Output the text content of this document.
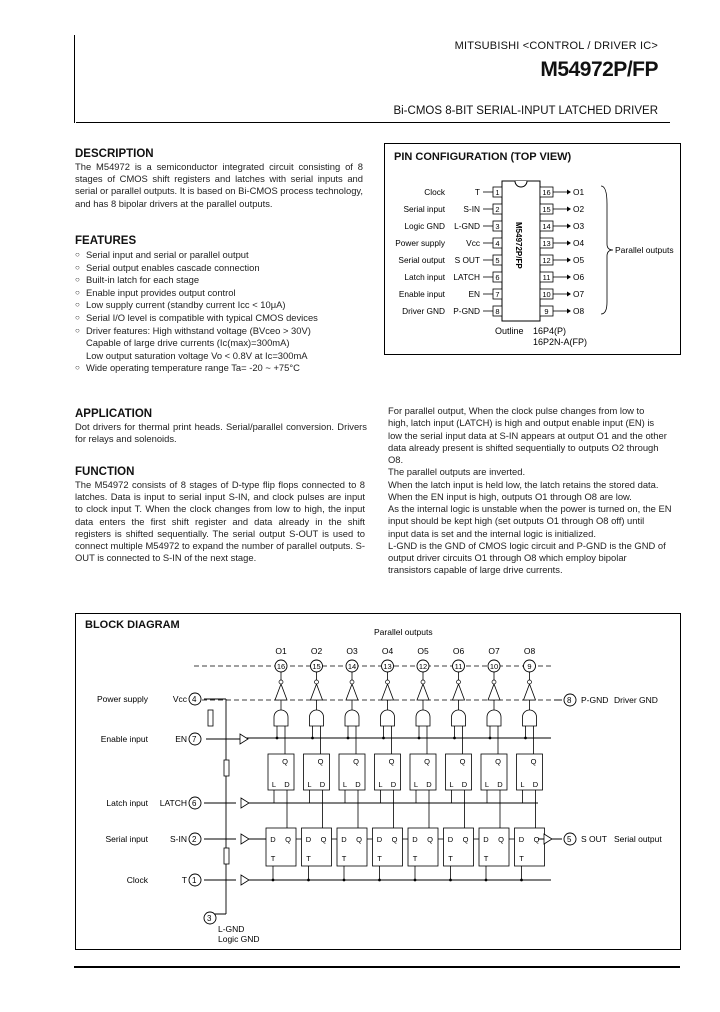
MITSUBISHI <CONTROL / DRIVER IC>
M54972P/FP
Bi-CMOS 8-BIT SERIAL-INPUT LATCHED DRIVER
DESCRIPTION

The M54972 is a semiconductor integrated circuit consisting of 8 stages of CMOS shift registers and latches with serial inputs and serial or parallel outputs. It is based on Bi-CMOS process technology, and has 8 bipolar drivers at the parallel outputs.

FEATURES
○ Serial input and serial or parallel output
○ Serial output enables cascade connection
○ Built-in latch for each stage
○ Enable input provides output control
○ Low supply current (standby current Icc < 10μA)
○ Serial I/O level is compatible with typical CMOS devices
○ Driver features: High withstand voltage (BVceo > 30V)
Capable of large drive currents (Ic(max)=300mA)
Low output saturation voltage Vo < 0.8V at Ic=300mA
○ Wide operating temperature range Ta= -20 ~ +75°C
APPLICATION

Dot drivers for thermal print heads. Serial/parallel conversion. Drivers for relays and solenoids.

FUNCTION

The M54972 consists of 8 stages of D-type flip flops connected to 8 latches. Data is input to serial input S-IN, and clock pulses are input to clock input T. When the clock changes from low to high, the input data enters the first shift register and data already in the shift registers is shifted sequentially. The serial output S-OUT is used to connect multiple M54972 to expand the number of parallel outputs. S-OUT is connected to S-IN of the next stage.

For parallel output, When the clock pulse changes from low to

high, latch input (LATCH) is high and output enable input (EN) is

low the serial input data at S-IN appears at output O1 and the other

data already present is shifted sequentially to outputs O2 through

O8.

The parallel outputs are inverted.

When the latch input is held low, the latch retains the stored data.

When the EN input is high, outputs O1 through O8 are low.

As the internal logic is unstable when the power is turned on, the EN

input should be kept high (set outputs O1 through O8 off) until

input data is set and the internal logic is initialized.

L-GND is the GND of CMOS logic circuit and P-GND is the GND of

output driver circuits O1 through O8 which employ bipolar

transistors capable of large drive currents.

PIN CONFIGURATION (TOP VIEW)
M54972P/FP
Clock	T 1
Serial input S-IN 2
Logic GND L-GND 3
Power supply	Vcc 4
Serial output S OUT 5
Latch input LATCH 6
Enable input	EN 7
Driver GND P-GND 8
16	O1
15	O2
14	O3
13	O4
12	O5
11	O6
10	O7
9	O8
Parallel outputs
Outline 16P4(P)
16P2N-A(FP)
BLOCK DIAGRAM
Parallel outputs
Power supply	Vcc 4
Enable input	EN 7
Latch input LATCH 6
Serial input	S-IN 2
Clock	T 1
O1
16
Q
L D
D Q
T
O2
15
Q
L D
D Q
T
O3
14
Q
L D
D Q
T
O4
13
Q
L D
D Q
T
O5
12
Q
L D
D Q
T
O6
11
Q
L D
D Q
T
O7
10
Q
L D
D Q
T
O8
9
Q
L D
D Q
T
5 S OUT Serial output
8 P-GND Driver GND
3
L-GND
Logic GND
